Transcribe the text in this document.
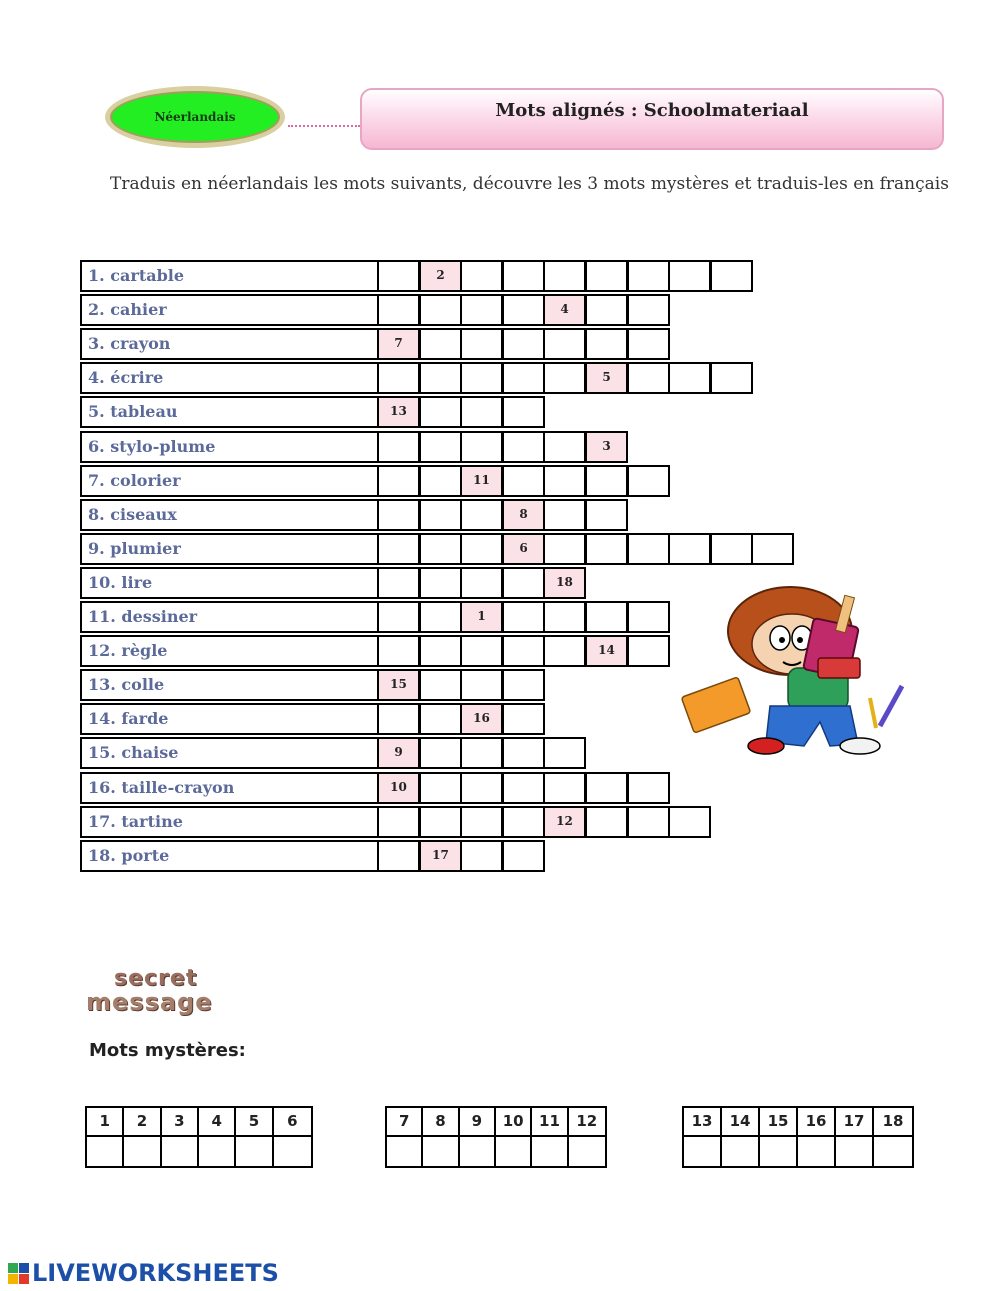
Néerlandais	Mots alignés : Schoolmateriaal
Traduis en néerlandais les mots suivants, découvre les 3 mots mystères et traduis-les en français
1. cartable	2
2. cahier	4
3. crayon	7
4. écrire	5
5. tableau	13
6. stylo-plume	3
7. colorier	11
8. ciseaux	8
9. plumier	6
10. lire	18
11. dessiner	1
12. règle	14
13. colle	15
14. farde	16
15. chaise	9
16. taille-crayon	10
17. tartine	12
18. porte	17
secret
message
Mots mystères:
1	2	3	4	5	6	7	8	9	10	11	12	13	14	15	16	17	18
LIVEWORKSHEETS
